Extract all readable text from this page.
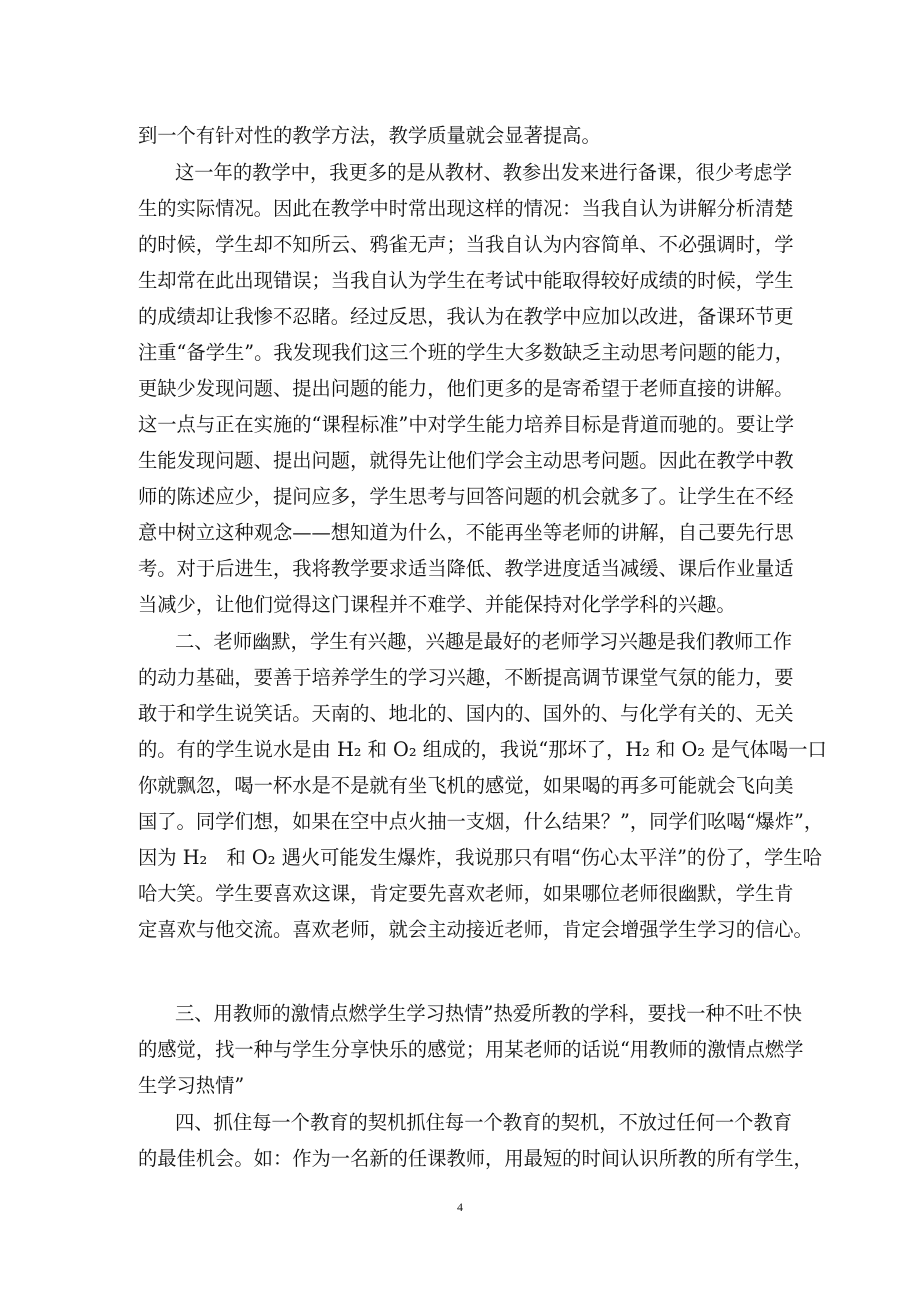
到一个有针对性的教学方法，教学质量就会显著提高。
这一年的教学中，我更多的是从教材、教参出发来进行备课，很少考虑学
生的实际情况。因此在教学中时常出现这样的情况：当我自认为讲解分析清楚
的时候，学生却不知所云、鸦雀无声；当我自认为内容简单、不必强调时，学
生却常在此出现错误；当我自认为学生在考试中能取得较好成绩的时候，学生
的成绩却让我惨不忍睹。经过反思，我认为在教学中应加以改进，备课环节更
注重“备学生”。我发现我们这三个班的学生大多数缺乏主动思考问题的能力，
更缺少发现问题、提出问题的能力，他们更多的是寄希望于老师直接的讲解。
这一点与正在实施的“课程标准”中对学生能力培养目标是背道而驰的。要让学
生能发现问题、提出问题，就得先让他们学会主动思考问题。因此在教学中教
师的陈述应少，提问应多，学生思考与回答问题的机会就多了。让学生在不经
意中树立这种观念——想知道为什么，不能再坐等老师的讲解，自己要先行思
考。对于后进生，我将教学要求适当降低、教学进度适当减缓、课后作业量适
当减少，让他们觉得这门课程并不难学、并能保持对化学学科的兴趣。
二、老师幽默，学生有兴趣，兴趣是最好的老师学习兴趣是我们教师工作
的动力基础，要善于培养学生的学习兴趣，不断提高调节课堂气氛的能力，要
敢于和学生说笑话。天南的、地北的、国内的、国外的、与化学有关的、无关
的。有的学生说水是由 H₂ 和 O₂ 组成的，我说“那坏了，H₂ 和 O₂ 是气体喝一口
你就飘忽，喝一杯水是不是就有坐飞机的感觉，如果喝的再多可能就会飞向美
国了。同学们想，如果在空中点火抽一支烟，什么结果？”，同学们吆喝“爆炸”，
因为 H₂　和 O₂ 遇火可能发生爆炸，我说那只有唱“伤心太平洋”的份了，学生哈
哈大笑。学生要喜欢这课，肯定要先喜欢老师，如果哪位老师很幽默，学生肯
定喜欢与他交流。喜欢老师，就会主动接近老师，肯定会增强学生学习的信心。
三、用教师的激情点燃学生学习热情”热爱所教的学科，要找一种不吐不快
的感觉，找一种与学生分享快乐的感觉；用某老师的话说“用教师的激情点燃学
生学习热情”
四、抓住每一个教育的契机抓住每一个教育的契机，不放过任何一个教育
的最佳机会。如：作为一名新的任课教师，用最短的时间认识所教的所有学生，
4
